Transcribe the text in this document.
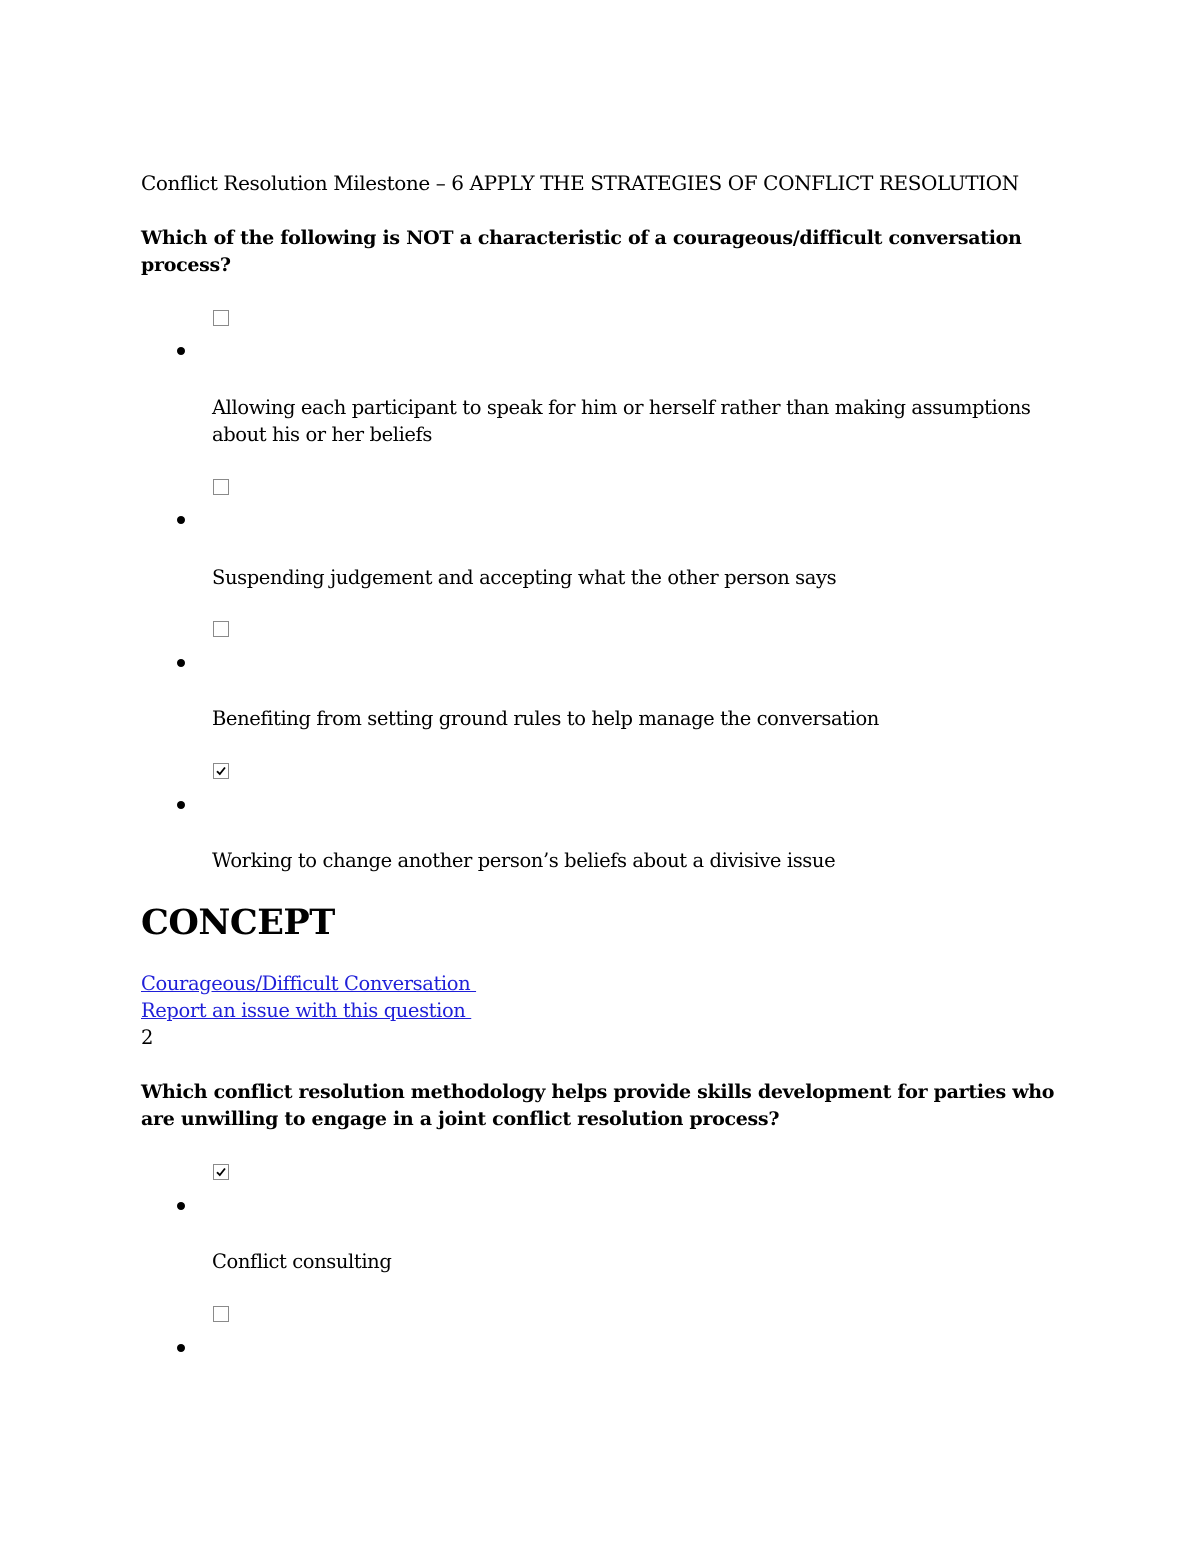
Conflict Resolution Milestone – 6 APPLY THE STRATEGIES OF CONFLICT RESOLUTION

Which of the following is NOT a characteristic of a courageous/difficult conversation process?

Allowing each participant to speak for him or herself rather than making assumptions about his or her beliefs

Suspending judgement and accepting what the other person says

Benefiting from setting ground rules to help manage the conversation

Working to change another person’s beliefs about a divisive issue

CONCEPT

Courageous/Difficult Conversation
Report an issue with this question

2

Which conflict resolution methodology helps provide skills development for parties who are unwilling to engage in a joint conflict resolution process?

Conflict consulting
